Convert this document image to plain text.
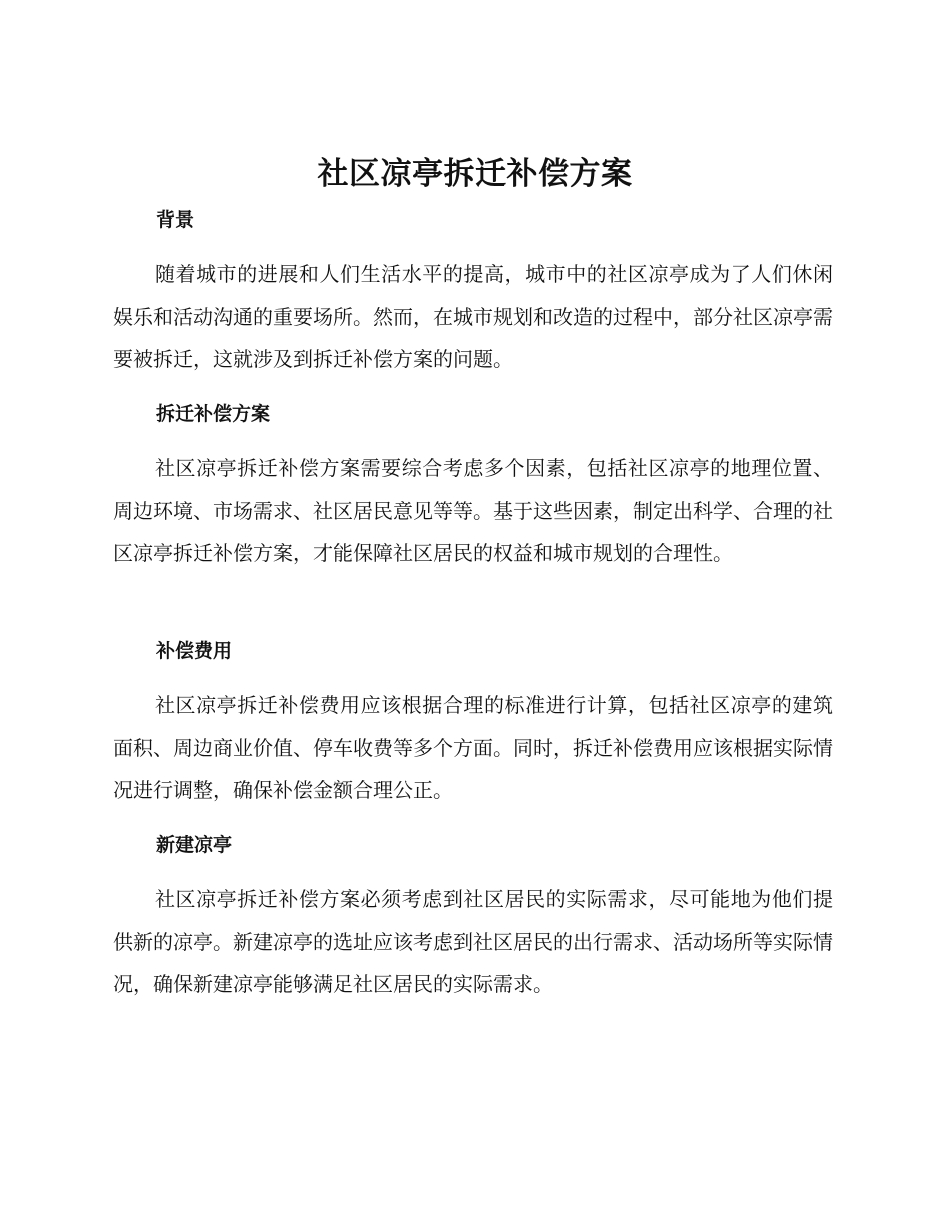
社区凉亭拆迁补偿方案
背景

随着城市的进展和人们生活水平的提高，城市中的社区凉亭成为了人们休闲娱乐和活动沟通的重要场所。然而，在城市规划和改造的过程中，部分社区凉亭需要被拆迁，这就涉及到拆迁补偿方案的问题。

拆迁补偿方案

社区凉亭拆迁补偿方案需要综合考虑多个因素，包括社区凉亭的地理位置、周边环境、市场需求、社区居民意见等等。基于这些因素，制定出科学、合理的社区凉亭拆迁补偿方案，才能保障社区居民的权益和城市规划的合理性。

补偿费用

社区凉亭拆迁补偿费用应该根据合理的标准进行计算，包括社区凉亭的建筑面积、周边商业价值、停车收费等多个方面。同时，拆迁补偿费用应该根据实际情况进行调整，确保补偿金额合理公正。

新建凉亭

社区凉亭拆迁补偿方案必须考虑到社区居民的实际需求，尽可能地为他们提供新的凉亭。新建凉亭的选址应该考虑到社区居民的出行需求、活动场所等实际情况，确保新建凉亭能够满足社区居民的实际需求。
